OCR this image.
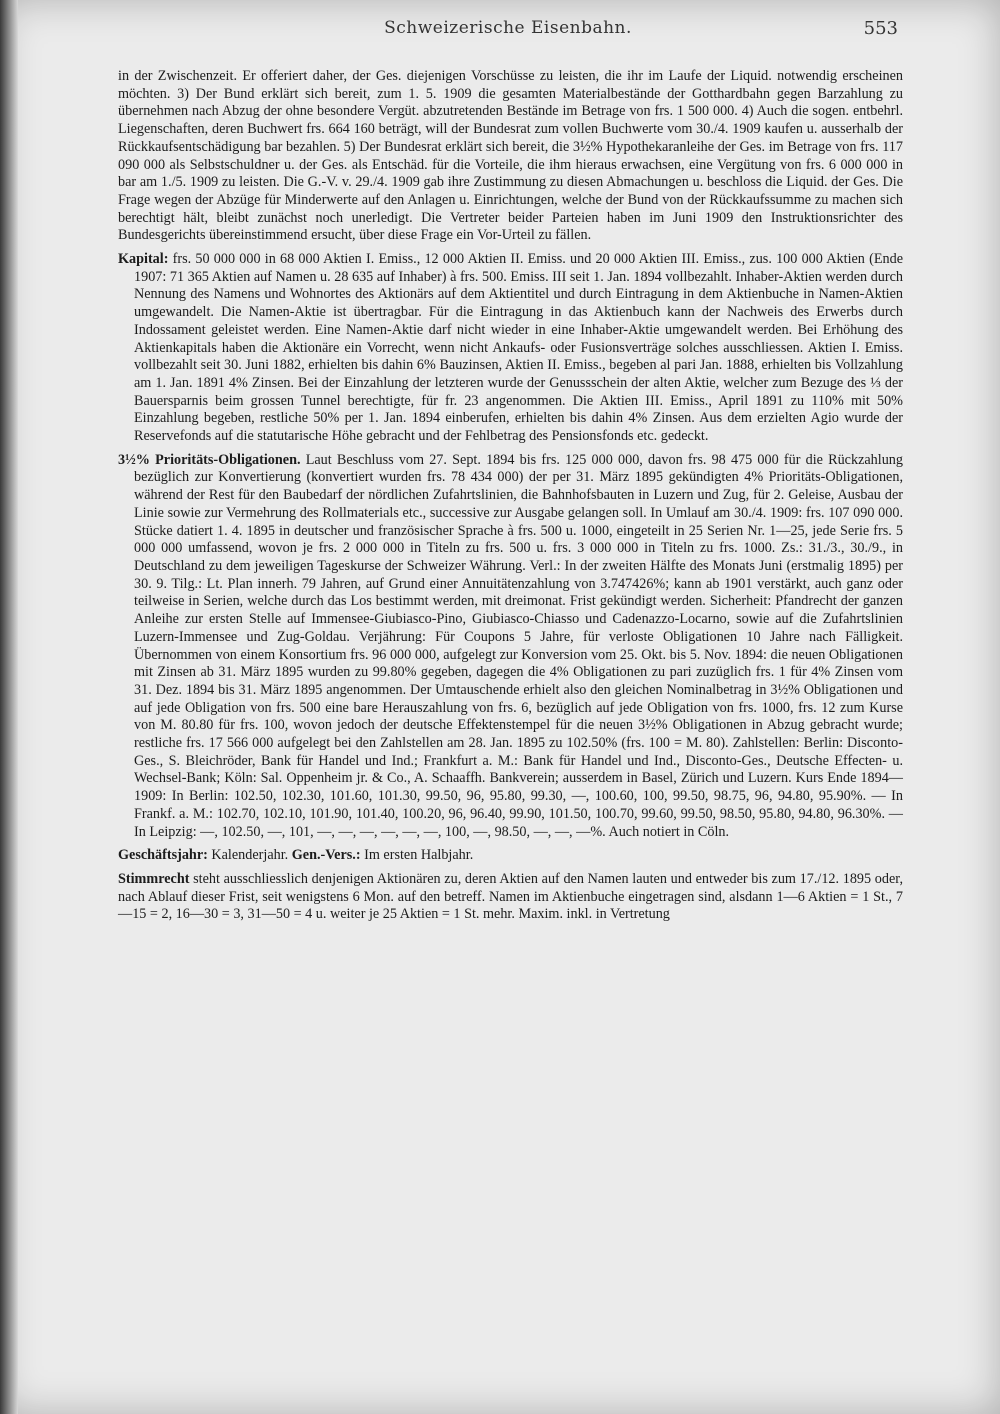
Schweizerische Eisenbahn.	553

in der Zwischenzeit. Er offeriert daher, der Ges. diejenigen Vorschüsse zu leisten, die ihr im Laufe der Liquid. notwendig erscheinen möchten. 3) Der Bund erklärt sich bereit, zum 1. 5. 1909 die gesamten Materialbestände der Gotthardbahn gegen Barzahlung zu übernehmen nach Abzug der ohne besondere Vergüt. abzutretenden Bestände im Betrage von frs. 1 500 000. 4) Auch die sogen. entbehrl. Liegenschaften, deren Buchwert frs. 664 160 beträgt, will der Bundesrat zum vollen Buchwerte vom 30./4. 1909 kaufen u. ausserhalb der Rückkaufsentschädigung bar bezahlen. 5) Der Bundesrat erklärt sich bereit, die 3½% Hypothekaranleihe der Ges. im Betrage von frs. 117 090 000 als Selbstschuldner u. der Ges. als Entschäd. für die Vorteile, die ihm hieraus erwachsen, eine Vergütung von frs. 6 000 000 in bar am 1./5. 1909 zu leisten. Die G.-V. v. 29./4. 1909 gab ihre Zustimmung zu diesen Abmachungen u. beschloss die Liquid. der Ges. Die Frage wegen der Abzüge für Minderwerte auf den Anlagen u. Einrichtungen, welche der Bund von der Rückkaufssumme zu machen sich berechtigt hält, bleibt zunächst noch unerledigt. Die Vertreter beider Parteien haben im Juni 1909 den Instruktionsrichter des Bundesgerichts übereinstimmend ersucht, über diese Frage ein Vor-Urteil zu fällen.

Kapital: frs. 50 000 000 in 68 000 Aktien I. Emiss., 12 000 Aktien II. Emiss. und 20 000 Aktien III. Emiss., zus. 100 000 Aktien (Ende 1907: 71 365 Aktien auf Namen u. 28 635 auf Inhaber) à frs. 500. Emiss. III seit 1. Jan. 1894 vollbezahlt. Inhaber-Aktien werden durch Nennung des Namens und Wohnortes des Aktionärs auf dem Aktientitel und durch Eintragung in dem Aktienbuche in Namen-Aktien umgewandelt. Die Namen-Aktie ist übertragbar. Für die Eintragung in das Aktienbuch kann der Nachweis des Erwerbs durch Indossament geleistet werden. Eine Namen-Aktie darf nicht wieder in eine Inhaber-Aktie umgewandelt werden. Bei Erhöhung des Aktienkapitals haben die Aktionäre ein Vorrecht, wenn nicht Ankaufs- oder Fusionsverträge solches ausschliessen. Aktien I. Emiss. vollbezahlt seit 30. Juni 1882, erhielten bis dahin 6% Bauzinsen, Aktien II. Emiss., begeben al pari Jan. 1888, erhielten bis Vollzahlung am 1. Jan. 1891 4% Zinsen. Bei der Einzahlung der letzteren wurde der Genussschein der alten Aktie, welcher zum Bezuge des ⅓ der Bauersparnis beim grossen Tunnel berechtigte, für fr. 23 angenommen. Die Aktien III. Emiss., April 1891 zu 110% mit 50% Einzahlung begeben, restliche 50% per 1. Jan. 1894 einberufen, erhielten bis dahin 4% Zinsen. Aus dem erzielten Agio wurde der Reservefonds auf die statutarische Höhe gebracht und der Fehlbetrag des Pensionsfonds etc. gedeckt.

3½% Prioritäts-Obligationen. Laut Beschluss vom 27. Sept. 1894 bis frs. 125 000 000, davon frs. 98 475 000 für die Rückzahlung bezüglich zur Konvertierung (konvertiert wurden frs. 78 434 000) der per 31. März 1895 gekündigten 4% Prioritäts-Obligationen, während der Rest für den Baubedarf der nördlichen Zufahrtslinien, die Bahnhofsbauten in Luzern und Zug, für 2. Geleise, Ausbau der Linie sowie zur Vermehrung des Rollmaterials etc., successive zur Ausgabe gelangen soll. In Umlauf am 30./4. 1909: frs. 107 090 000. Stücke datiert 1. 4. 1895 in deutscher und französischer Sprache à frs. 500 u. 1000, eingeteilt in 25 Serien Nr. 1—25, jede Serie frs. 5 000 000 umfassend, wovon je frs. 2 000 000 in Titeln zu frs. 500 u. frs. 3 000 000 in Titeln zu frs. 1000. Zs.: 31./3., 30./9., in Deutschland zu dem jeweiligen Tageskurse der Schweizer Währung. Verl.: In der zweiten Hälfte des Monats Juni (erstmalig 1895) per 30. 9. Tilg.: Lt. Plan innerh. 79 Jahren, auf Grund einer Annuitätenzahlung von 3.747426%; kann ab 1901 verstärkt, auch ganz oder teilweise in Serien, welche durch das Los bestimmt werden, mit dreimonat. Frist gekündigt werden. Sicherheit: Pfandrecht der ganzen Anleihe zur ersten Stelle auf Immensee-Giubiasco-Pino, Giubiasco-Chiasso und Cadenazzo-Locarno, sowie auf die Zufahrtslinien Luzern-Immensee und Zug-Goldau. Verjährung: Für Coupons 5 Jahre, für verloste Obligationen 10 Jahre nach Fälligkeit. Übernommen von einem Konsortium frs. 96 000 000, aufgelegt zur Konversion vom 25. Okt. bis 5. Nov. 1894: die neuen Obligationen mit Zinsen ab 31. März 1895 wurden zu 99.80% gegeben, dagegen die 4% Obligationen zu pari zuzüglich frs. 1 für 4% Zinsen vom 31. Dez. 1894 bis 31. März 1895 angenommen. Der Umtauschende erhielt also den gleichen Nominalbetrag in 3½% Obligationen und auf jede Obligation von frs. 500 eine bare Herauszahlung von frs. 6, bezüglich auf jede Obligation von frs. 1000, frs. 12 zum Kurse von M. 80.80 für frs. 100, wovon jedoch der deutsche Effektenstempel für die neuen 3½% Obligationen in Abzug gebracht wurde; restliche frs. 17 566 000 aufgelegt bei den Zahlstellen am 28. Jan. 1895 zu 102.50% (frs. 100 = M. 80). Zahlstellen: Berlin: Disconto-Ges., S. Bleichröder, Bank für Handel und Ind.; Frankfurt a. M.: Bank für Handel und Ind., Disconto-Ges., Deutsche Effecten- u. Wechsel-Bank; Köln: Sal. Oppenheim jr. & Co., A. Schaaffh. Bankverein; ausserdem in Basel, Zürich und Luzern. Kurs Ende 1894—1909: In Berlin: 102.50, 102.30, 101.60, 101.30, 99.50, 96, 95.80, 99.30, —, 100.60, 100, 99.50, 98.75, 96, 94.80, 95.90%. — In Frankf. a. M.: 102.70, 102.10, 101.90, 101.40, 100.20, 96, 96.40, 99.90, 101.50, 100.70, 99.60, 99.50, 98.50, 95.80, 94.80, 96.30%. — In Leipzig: —, 102.50, —, 101, —, —, —, —, —, —, 100, —, 98.50, —, —, —%. Auch notiert in Cöln.

Geschäftsjahr: Kalenderjahr. Gen.-Vers.: Im ersten Halbjahr.

Stimmrecht steht ausschliesslich denjenigen Aktionären zu, deren Aktien auf den Namen lauten und entweder bis zum 17./12. 1895 oder, nach Ablauf dieser Frist, seit wenigstens 6 Mon. auf den betreff. Namen im Aktienbuche eingetragen sind, alsdann 1—6 Aktien = 1 St., 7—15 = 2, 16—30 = 3, 31—50 = 4 u. weiter je 25 Aktien = 1 St. mehr. Maxim. inkl. in Vertretung
